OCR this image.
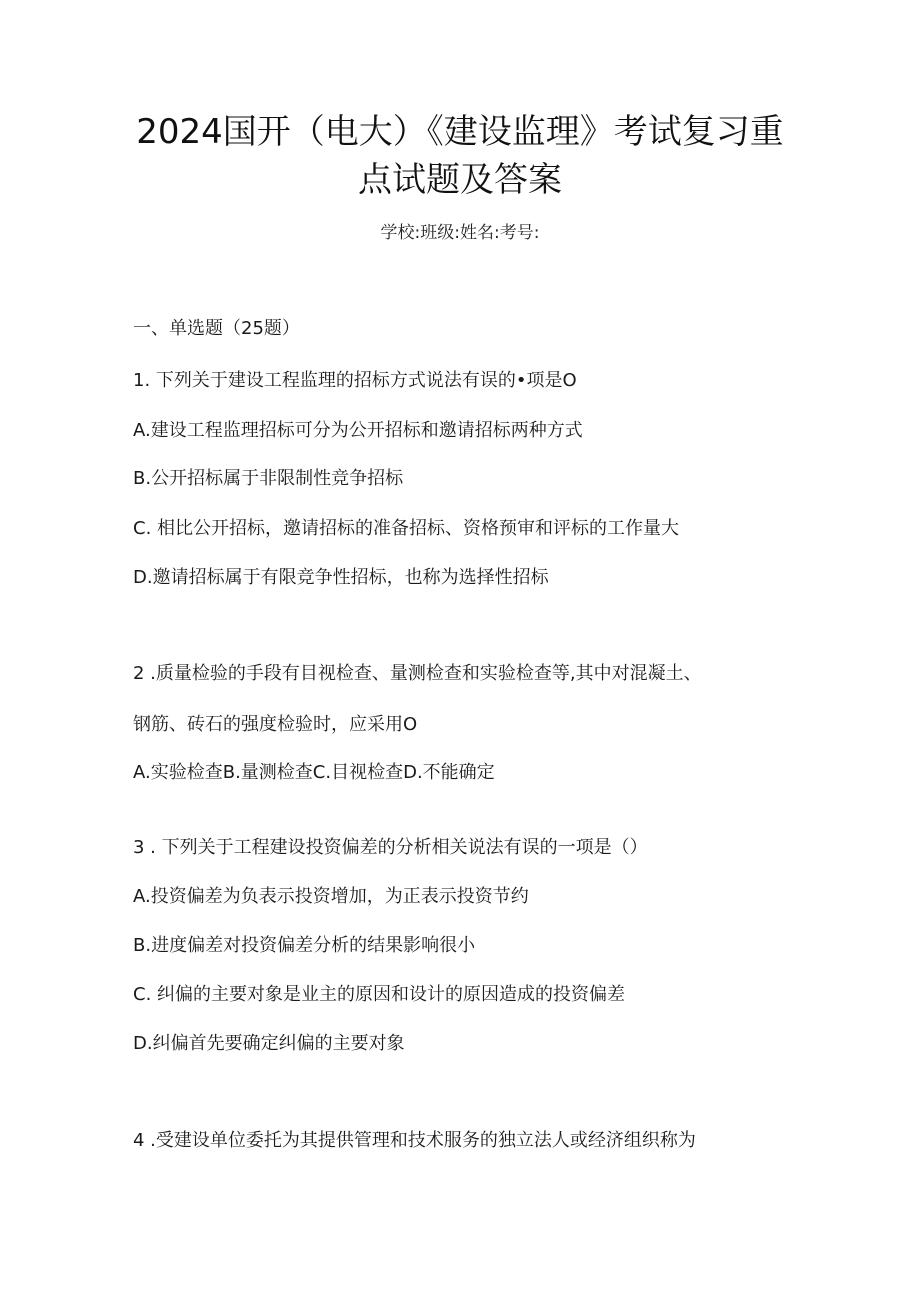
2024国开（电大）《建设监理》考试复习重
点试题及答案
学校:班级:姓名:考号:
一、单选题（25题）
1. 下列关于建设工程监理的招标方式说法有误的•项是O
A.建设工程监理招标可分为公开招标和邀请招标两种方式
B.公开招标属于非限制性竞争招标
C. 相比公开招标，邀请招标的准备招标、资格预审和评标的工作量大
D.邀请招标属于有限竞争性招标，也称为选择性招标
2 .质量检验的手段有目视检查、量测检查和实验检查等,其中对混凝土、
钢筋、砖石的强度检验时，应采用O
A.实验检查B.量测检查C.目视检查D.不能确定
3 . 下列关于工程建设投资偏差的分析相关说法有误的一项是（）
A.投资偏差为负表示投资增加，为正表示投资节约
B.进度偏差对投资偏差分析的结果影响很小
C. 纠偏的主要对象是业主的原因和设计的原因造成的投资偏差
D.纠偏首先要确定纠偏的主要对象
4 .受建设单位委托为其提供管理和技术服务的独立法人或经济组织称为
